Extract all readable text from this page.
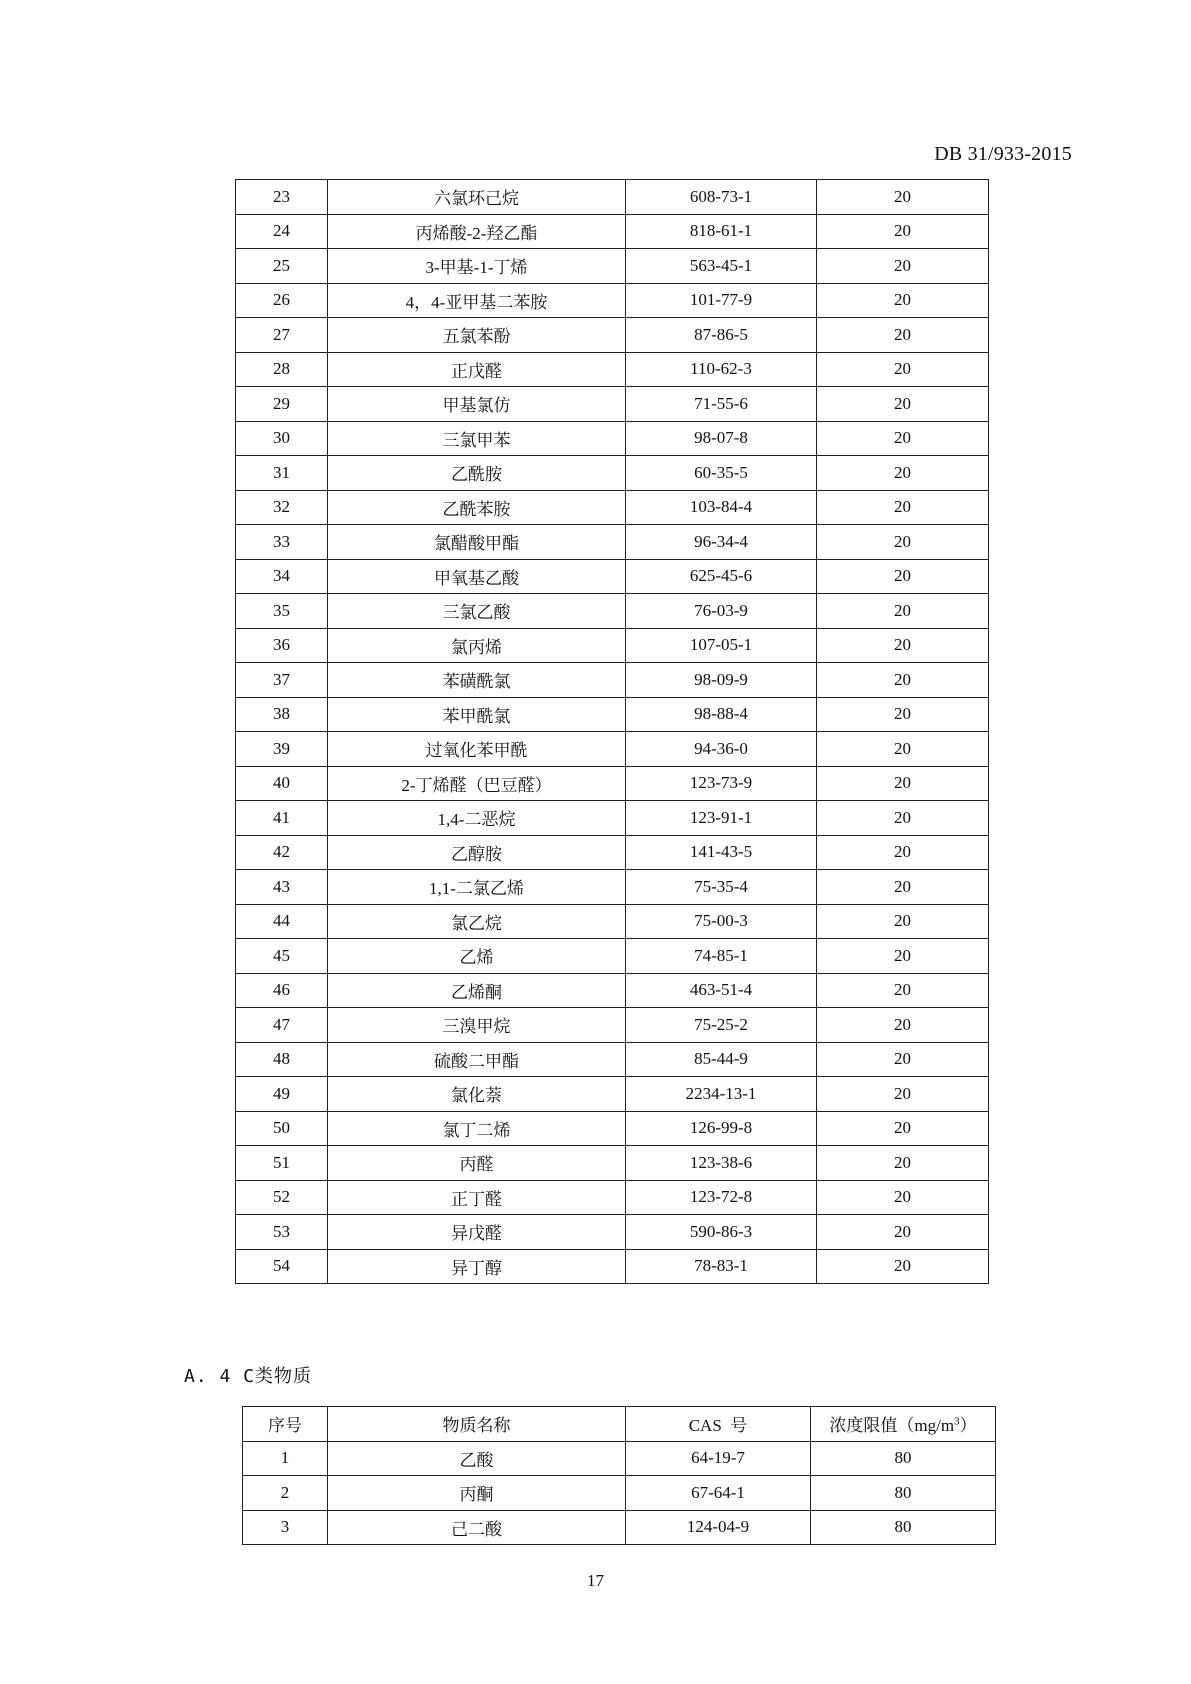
DB 31/933-2015
23	六氯环己烷	608-73-1	20
24	丙烯酸-2-羟乙酯	818-61-1	20
25	3-甲基-1-丁烯	563-45-1	20
26	4，4-亚甲基二苯胺	101-77-9	20
27	五氯苯酚	87-86-5	20
28	正戊醛	110-62-3	20
29	甲基氯仿	71-55-6	20
30	三氯甲苯	98-07-8	20
31	乙酰胺	60-35-5	20
32	乙酰苯胺	103-84-4	20
33	氯醋酸甲酯	96-34-4	20
34	甲氧基乙酸	625-45-6	20
35	三氯乙酸	76-03-9	20
36	氯丙烯	107-05-1	20
37	苯磺酰氯	98-09-9	20
38	苯甲酰氯	98-88-4	20
39	过氧化苯甲酰	94-36-0	20
40	2-丁烯醛（巴豆醛）	123-73-9	20
41	1,4-二恶烷	123-91-1	20
42	乙醇胺	141-43-5	20
43	1,1-二氯乙烯	75-35-4	20
44	氯乙烷	75-00-3	20
45	乙烯	74-85-1	20
46	乙烯酮	463-51-4	20
47	三溴甲烷	75-25-2	20
48	硫酸二甲酯	85-44-9	20
49	氯化萘	2234-13-1	20
50	氯丁二烯	126-99-8	20
51	丙醛	123-38-6	20
52	正丁醛	123-72-8	20
53	异戊醛	590-86-3	20
54	异丁醇	78-83-1	20
A. 4 C类物质
序号	物质名称	CAS  号	浓度限值$(mg/m^3)$
1	乙酸	64-19-7	80
2	丙酮	67-64-1	80
3	己二酸	124-04-9	80
17
